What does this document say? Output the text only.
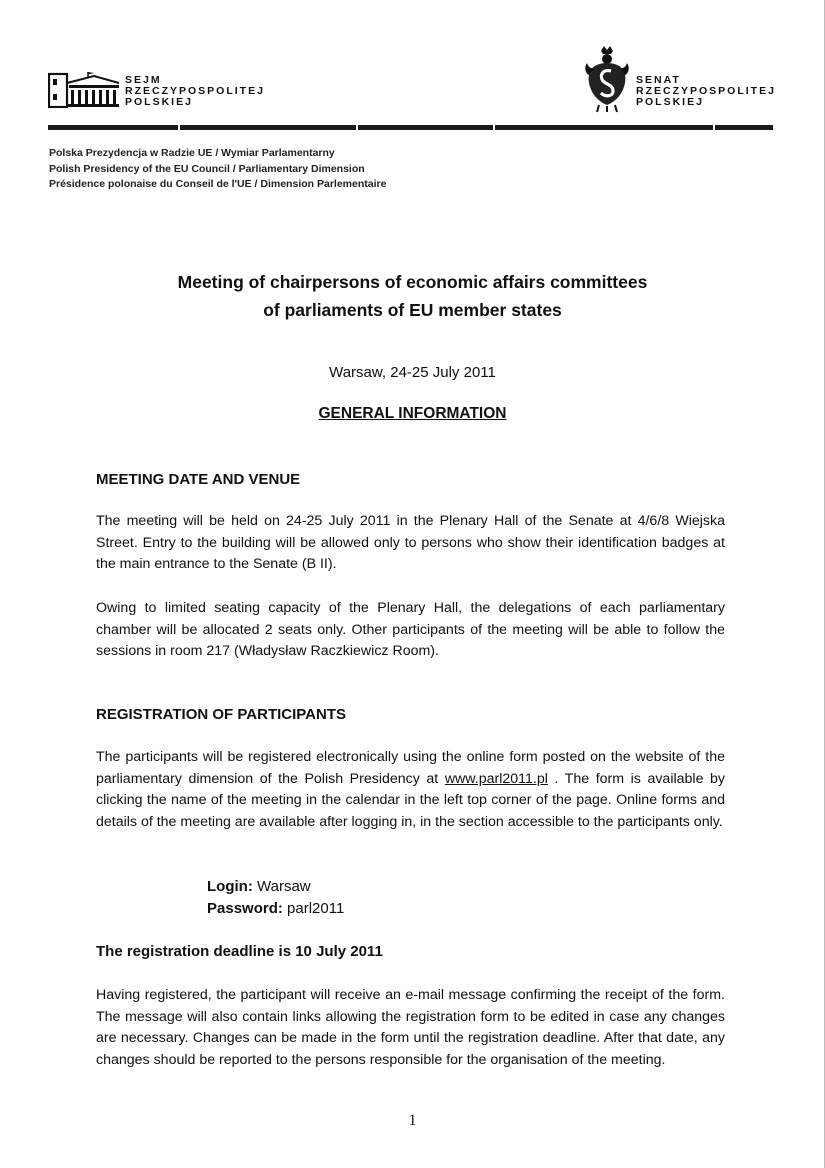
SEJM
RZECZYPOSPOLITEJ
POLSKIEJ
SENAT
RZECZYPOSPOLITEJ
POLSKIEJ
Polska Prezydencja w Radzie UE / Wymiar Parlamentarny
Polish Presidency of the EU Council / Parliamentary Dimension
Présidence polonaise du Conseil de l'UE / Dimension Parlementaire
Meeting of chairpersons of economic affairs committees
of parliaments of EU member states
Warsaw, 24-25 July 2011
GENERAL INFORMATION
MEETING DATE AND VENUE
The meeting will be held on 24-25 July 2011 in the Plenary Hall of the Senate at 4/6/8 Wiejska Street. Entry to the building will be allowed only to persons who show their identification badges at the main entrance to the Senate (B II).
Owing to limited seating capacity of the Plenary Hall, the delegations of each parliamentary chamber will be allocated 2 seats only. Other participants of the meeting will be able to follow the sessions in room 217 (Władysław Raczkiewicz Room).
REGISTRATION OF PARTICIPANTS
The participants will be registered electronically using the online form posted on the website of the parliamentary dimension of the Polish Presidency at www.parl2011.pl . The form is available by clicking the name of the meeting in the calendar in the left top corner of the page. Online forms and details of the meeting are available after logging in, in the section accessible to the participants only.
Login: Warsaw
Password: parl2011
The registration deadline is 10 July 2011
Having registered, the participant will receive an e-mail message confirming the receipt of the form. The message will also contain links allowing the registration form to be edited in case any changes are necessary. Changes can be made in the form until the registration deadline. After that date, any changes should be reported to the persons responsible for the organisation of the meeting.
1
